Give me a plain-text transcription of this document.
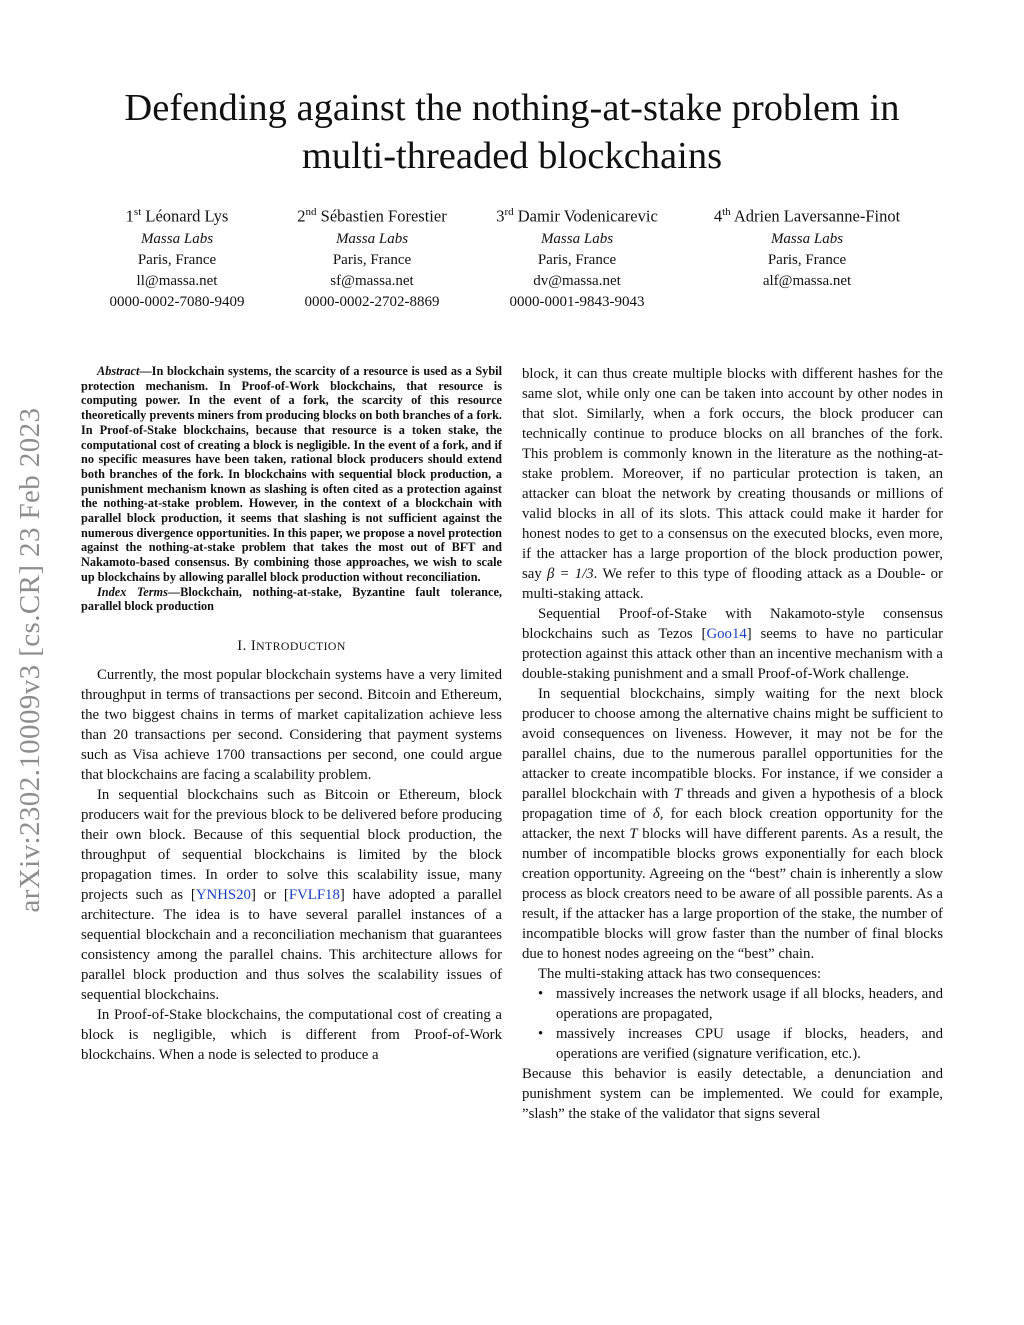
arXiv:2302.10009v3 [cs.CR] 23 Feb 2023
Defending against the nothing-at-stake problem in
multi-threaded blockchains
1st Léonard Lys
Massa Labs
Paris, France
ll@massa.net
0000-0002-7080-9409
2nd Sébastien Forestier
Massa Labs
Paris, France
sf@massa.net
0000-0002-2702-8869
3rd Damir Vodenicarevic
Massa Labs
Paris, France
dv@massa.net
0000-0001-9843-9043
4th Adrien Laversanne-Finot
Massa Labs
Paris, France
alf@massa.net

Abstract—In blockchain systems, the scarcity of a resource is used as a Sybil protection mechanism. In Proof-of-Work blockchains, that resource is computing power. In the event of a fork, the scarcity of this resource theoretically prevents miners from producing blocks on both branches of a fork. In Proof-of-Stake blockchains, because that resource is a token stake, the computational cost of creating a block is negligible. In the event of a fork, and if no specific measures have been taken, rational block producers should extend both branches of the fork. In blockchains with sequential block production, a punishment mechanism known as slashing is often cited as a protection against the nothing-at-stake problem. However, in the context of a blockchain with parallel block production, it seems that slashing is not sufficient against the numerous divergence opportunities. In this paper, we propose a novel protection against the nothing-at-stake problem that takes the most out of BFT and Nakamoto-based consensus. By combining those approaches, we wish to scale up blockchains by allowing parallel block production without reconciliation.

Index Terms—Blockchain, nothing-at-stake, Byzantine fault tolerance, parallel block production

I. INTRODUCTION

Currently, the most popular blockchain systems have a very limited throughput in terms of transactions per second. Bitcoin and Ethereum, the two biggest chains in terms of market capitalization achieve less than 20 transactions per second. Considering that payment systems such as Visa achieve 1700 transactions per second, one could argue that blockchains are facing a scalability problem.

In sequential blockchains such as Bitcoin or Ethereum, block producers wait for the previous block to be delivered before producing their own block. Because of this sequential block production, the throughput of sequential blockchains is limited by the block propagation times. In order to solve this scalability issue, many projects such as [YNHS20] or [FVLF18] have adopted a parallel architecture. The idea is to have several parallel instances of a sequential blockchain and a reconciliation mechanism that guarantees consistency among the parallel chains. This architecture allows for parallel block production and thus solves the scalability issues of sequential blockchains.

In Proof-of-Stake blockchains, the computational cost of creating a block is negligible, which is different from Proof-of-Work blockchains. When a node is selected to produce a

block, it can thus create multiple blocks with different hashes for the same slot, while only one can be taken into account by other nodes in that slot. Similarly, when a fork occurs, the block producer can technically continue to produce blocks on all branches of the fork. This problem is commonly known in the literature as the nothing-at-stake problem. Moreover, if no particular protection is taken, an attacker can bloat the network by creating thousands or millions of valid blocks in all of its slots. This attack could make it harder for honest nodes to get to a consensus on the executed blocks, even more, if the attacker has a large proportion of the block production power, say β = 1/3. We refer to this type of flooding attack as a Double- or multi-staking attack.

Sequential Proof-of-Stake with Nakamoto-style consensus blockchains such as Tezos [Goo14] seems to have no particular protection against this attack other than an incentive mechanism with a double-staking punishment and a small Proof-of-Work challenge.

In sequential blockchains, simply waiting for the next block producer to choose among the alternative chains might be sufficient to avoid consequences on liveness. However, it may not be for the parallel chains, due to the numerous parallel opportunities for the attacker to create incompatible blocks. For instance, if we consider a parallel blockchain with T threads and given a hypothesis of a block propagation time of δ, for each block creation opportunity for the attacker, the next T blocks will have different parents. As a result, the number of incompatible blocks grows exponentially for each block creation opportunity. Agreeing on the “best” chain is inherently a slow process as block creators need to be aware of all possible parents. As a result, if the attacker has a large proportion of the stake, the number of incompatible blocks will grow faster than the number of final blocks due to honest nodes agreeing on the “best” chain.

The multi-staking attack has two consequences:

• massively increases the network usage if all blocks, headers, and operations are propagated,
• massively increases CPU usage if blocks, headers, and operations are verified (signature verification, etc.).

Because this behavior is easily detectable, a denunciation and punishment system can be implemented. We could for example, ”slash” the stake of the validator that signs several
